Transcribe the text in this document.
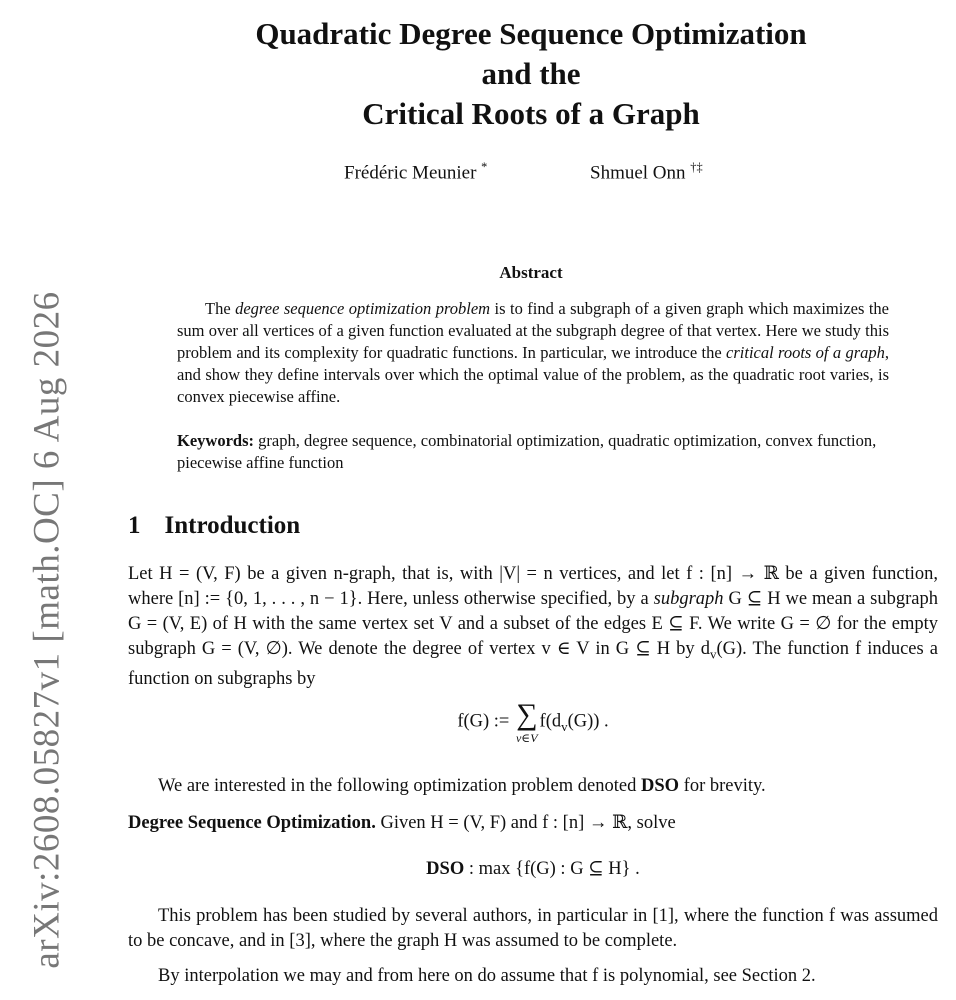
arXiv:2608.05827v1 [math.OC] 6 Aug 2026
Quadratic Degree Sequence Optimization
and the
Critical Roots of a Graph
Frédéric Meunier *	Shmuel Onn †‡
Abstract

The degree sequence optimization problem is to find a subgraph of a given graph which maximizes the sum over all vertices of a given function evaluated at the subgraph degree of that vertex. Here we study this problem and its complexity for quadratic functions. In particular, we introduce the critical roots of a graph, and show they define intervals over which the optimal value of the problem, as the quadratic root varies, is convex piecewise affine.

Keywords: graph, degree sequence, combinatorial optimization, quadratic optimization, convex function, piecewise affine function
1 Introduction

Let H = (V, F) be a given n-graph, that is, with |V| = n vertices, and let f : [n] → ℝ be a given function, where [n] := {0, 1, . . . , n − 1}. Here, unless otherwise specified, by a subgraph G ⊆ H we mean a subgraph G = (V, E) of H with the same vertex set V and a subset of the edges E ⊆ F. We write G = ∅ for the empty subgraph G = (V, ∅). We denote the degree of vertex v ∈ V in G ⊆ H by $d_v(G)$. The function f induces a function on subgraphs by

f(G) := ∑
v∈V
$f(d_v(G))$ .
We are interested in the following optimization problem denoted DSO for brevity.
Degree Sequence Optimization. Given H = (V, F) and f : [n] → ℝ, solve
DSO : max {f(G) : G ⊆ H} .
This problem has been studied by several authors, in particular in [1], where the function f was assumed to be concave, and in [3], where the graph H was assumed to be complete.
By interpolation we may and from here on do assume that f is polynomial, see Section 2.
